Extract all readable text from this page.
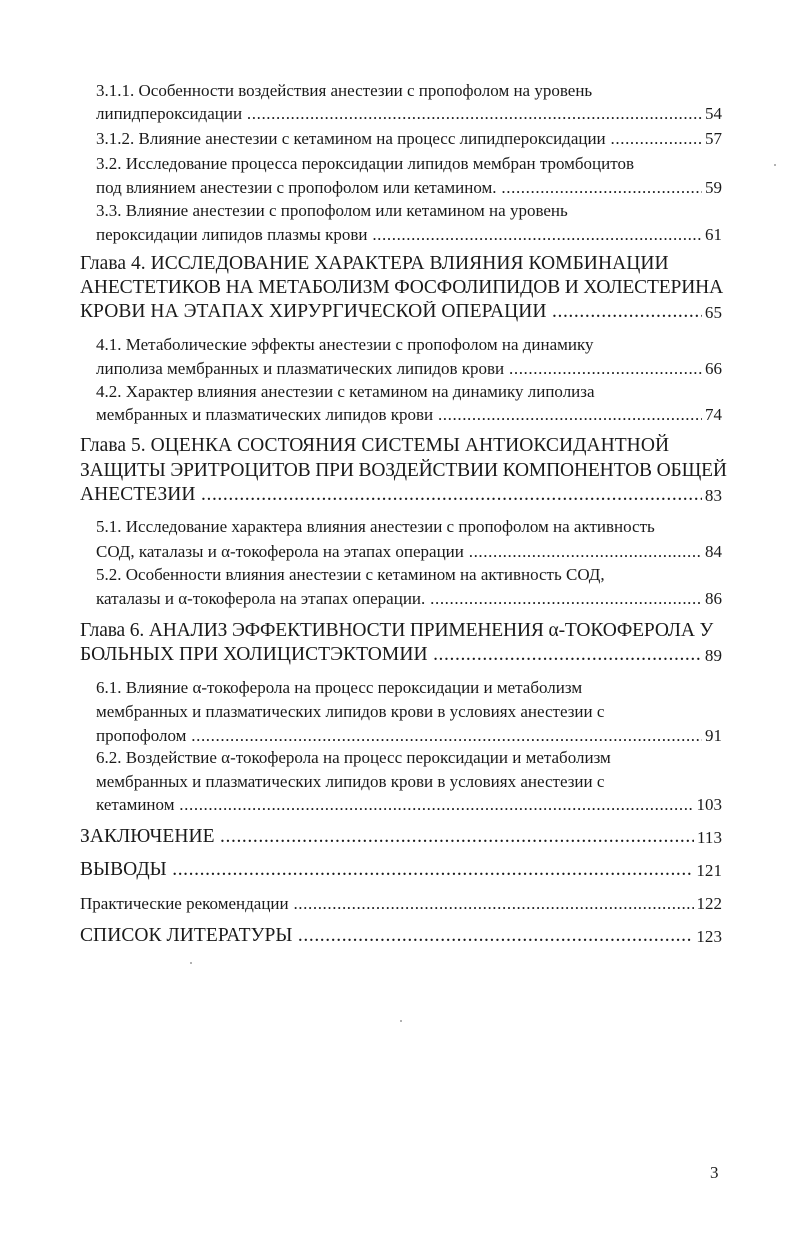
3.1.1. Особенности воздействия анестезии с пропофолом на уровень
липидпероксидации .....	54
3.1.2. Влияние анестезии с кетамином на процесс липидпероксидации .....	57
3.2. Исследование процесса пероксидации липидов мембран тромбоцитов
под влиянием анестезии с пропофолом или кетамином. .....	59
3.3. Влияние анестезии с пропофолом или кетамином на уровень
пероксидации липидов плазмы крови .....	61
Глава 4. ИССЛЕДОВАНИЕ ХАРАКТЕРА ВЛИЯНИЯ КОМБИНАЦИИ
АНЕСТЕТИКОВ НА МЕТАБОЛИЗМ ФОСФОЛИПИДОВ И ХОЛЕСТЕРИНА
КРОВИ НА ЭТАПАХ ХИРУРГИЧЕСКОЙ ОПЕРАЦИИ .....	65
4.1. Метаболические эффекты анестезии с пропофолом на динамику
липолиза мембранных и плазматических липидов крови .....	66
4.2. Характер влияния анестезии с кетамином на динамику липолиза
мембранных и плазматических липидов крови .....	74
Глава 5. ОЦЕНКА СОСТОЯНИЯ СИСТЕМЫ АНТИОКСИДАНТНОЙ
ЗАЩИТЫ ЭРИТРОЦИТОВ ПРИ ВОЗДЕЙСТВИИ КОМПОНЕНТОВ ОБЩЕЙ
АНЕСТЕЗИИ .....	83
5.1. Исследование характера влияния анестезии с пропофолом на активность
СОД, каталазы и α-токоферола на этапах операции .....	84
5.2. Особенности влияния анестезии с кетамином на активность СОД,
каталазы и α-токоферола на этапах операции. .....	86
Глава 6. АНАЛИЗ ЭФФЕКТИВНОСТИ ПРИМЕНЕНИЯ α-ТОКОФЕРОЛА У
БОЛЬНЫХ ПРИ ХОЛИЦИСТЭКТОМИИ .....	89
6.1. Влияние α-токоферола на процесс пероксидации и метаболизм
мембранных и плазматических липидов крови в условиях анестезии с
пропофолом .....	91
6.2. Воздействие α-токоферола на процесс пероксидации и метаболизм
мембранных и плазматических липидов крови в условиях анестезии с
кетамином .....	103
ЗАКЛЮЧЕНИЕ .....	113
ВЫВОДЫ .....	121
Практические рекомендации .....	122
СПИСОК ЛИТЕРАТУРЫ .....	123
3
